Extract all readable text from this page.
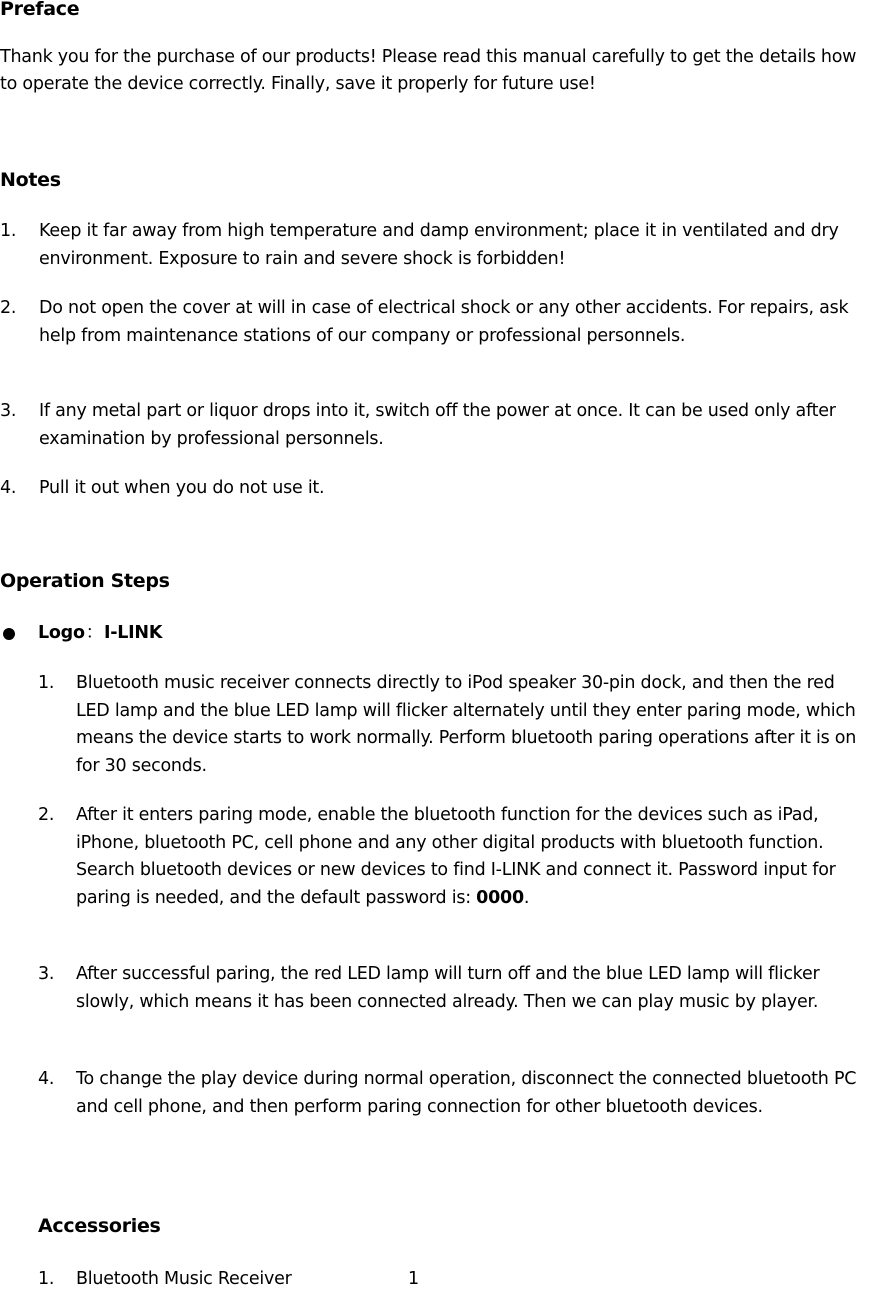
Preface

Thank you for the purchase of our products! Please read this manual carefully to get the details how to operate the device correctly. Finally, save it properly for future use!

Notes
1. Keep it far away from high temperature and damp environment; place it in ventilated and dry environment. Exposure to rain and severe shock is forbidden!
2. Do not open the cover at will in case of electrical shock or any other accidents. For repairs, ask help from maintenance stations of our company or professional personnels.
3. If any metal part or liquor drops into it, switch off the power at once. It can be used only after examination by professional personnels.
4. Pull it out when you do not use it.
Operation Steps
Logo：I-LINK
1. Bluetooth music receiver connects directly to iPod speaker 30-pin dock, and then the red LED lamp and the blue LED lamp will flicker alternately until they enter paring mode, which means the device starts to work normally. Perform bluetooth paring operations after it is on for 30 seconds.
2. After it enters paring mode, enable the bluetooth function for the devices such as iPad, iPhone, bluetooth PC, cell phone and any other digital products with bluetooth function. Search bluetooth devices or new devices to find I-LINK and connect it. Password input for paring is needed, and the default password is: 0000.
3. After successful paring, the red LED lamp will turn off and the blue LED lamp will flicker slowly, which means it has been connected already. Then we can play music by player.
4. To change the play device during normal operation, disconnect the connected bluetooth PC and cell phone, and then perform paring connection for other bluetooth devices.
Accessories
1. Bluetooth Music Receiver	1
